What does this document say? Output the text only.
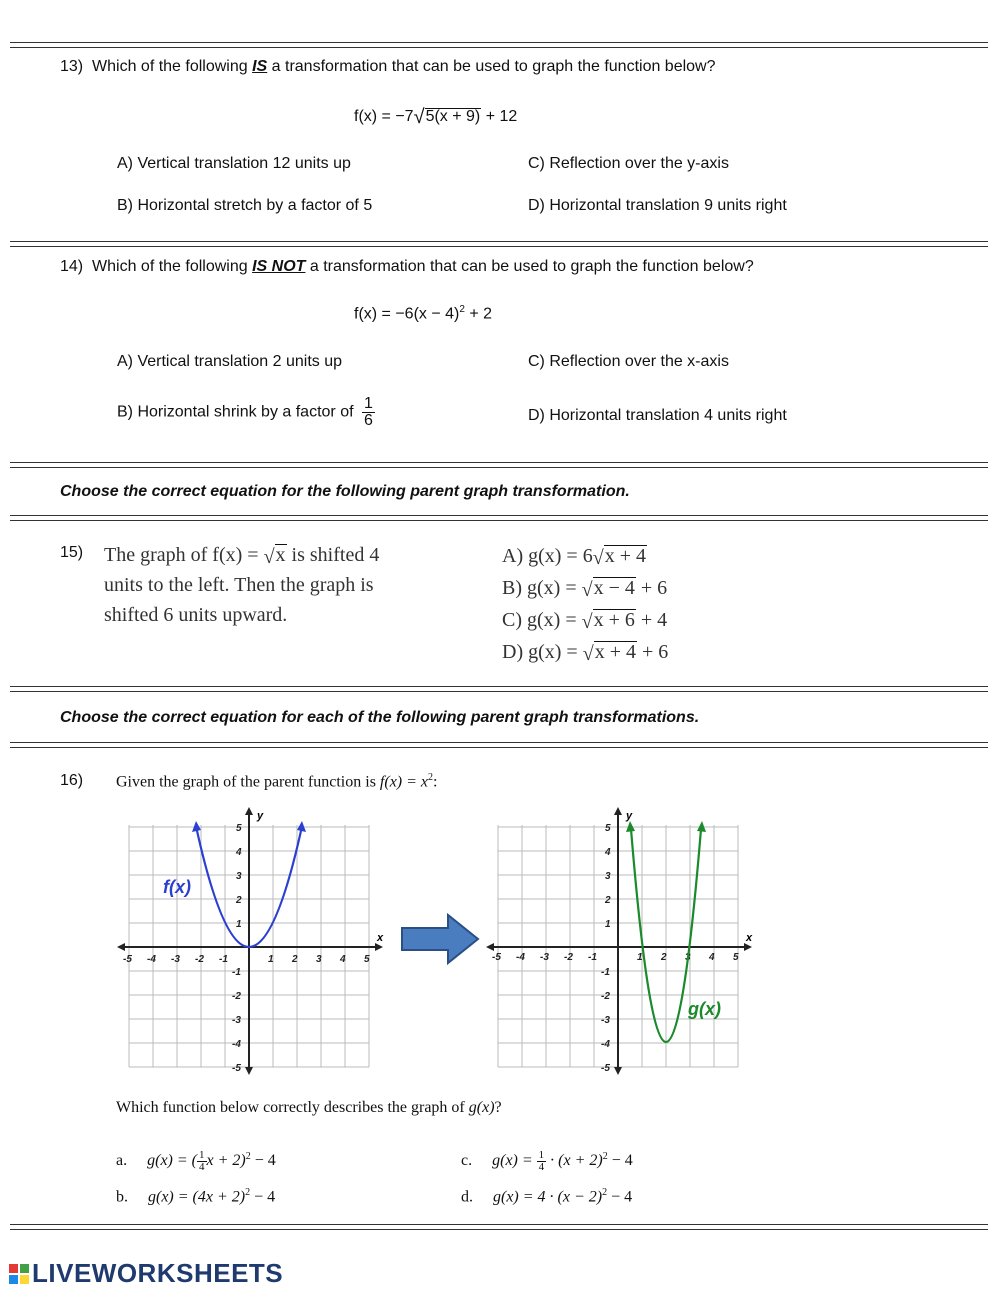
13) Which of the following IS a transformation that can be used to graph the function below?
f(x) = −7√5(x + 9) + 12
A) Vertical translation 12 units up
B) Horizontal stretch by a factor of 5
C) Reflection over the y-axis
D) Horizontal translation 9 units right
14) Which of the following IS NOT a transformation that can be used to graph the function below?
$f(x) = -6(x - 4)^2 + 2$
A) Vertical translation 2 units up
B) Horizontal shrink by a factor of $\frac{1}{6}$
C) Reflection over the x-axis
D) Horizontal translation 4 units right
Choose the correct equation for the following parent graph transformation.
15) The graph of f(x) = √x is shifted 4
units to the left. Then the graph is
shifted 6 units upward.
A) g(x) = 6√x + 4
B) g(x) = √x − 4 + 6
C) g(x) = √x + 6 + 4
D) g(x) = √x + 4 + 6
Choose the correct equation for each of the following parent graph transformations.
16) Given the graph of the parent function is $f(x) = x^2$:
y
x
-5 -4 -3 -2 -1	1 2 3 4 5
5
4
3
2
1
-1
-2
-3
-4
-5
f(x)
y
x
-5 -4 -3 -2 -1	1 2 3 4 5
5
4
3
2
1
-1
-2
-3
-4
-5
g(x)
Which function below correctly describes the graph of g(x)?
a. g(x) = ( $\frac{1}{4}$ x + 2)$^2$ − 4
b. $g(x) = (4x + 2)^2 - 4$
c. $g(x) = \frac{1}{4} \cdot (x + 2)^2 - 4$
d. $g(x) = 4 \cdot (x - 2)^2 - 4$
LIVEWORKSHEETS
